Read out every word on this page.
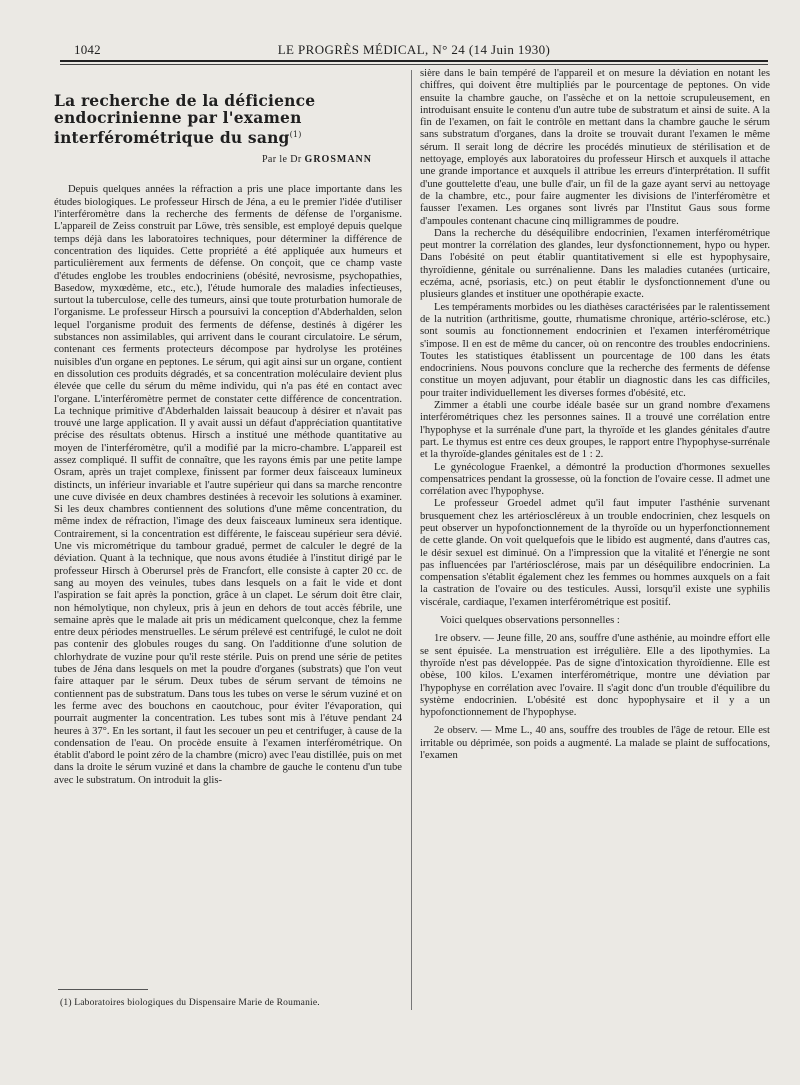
1042	LE PROGRÈS MÉDICAL, N° 24 (14 Juin 1930)
La recherche de la déficience endocrinienne par l'examen interférométrique du sang$^{(1)}$
Par le Dr GROSMANN

Depuis quelques années la réfraction a pris une place importante dans les études biologiques. Le professeur Hirsch de Jéna, a eu le premier l'idée d'utiliser l'interféromètre dans la recherche des ferments de défense de l'organisme. L'appareil de Zeiss construit par Löwe, très sensible, est employé depuis quelque temps déjà dans les laboratoires techniques, pour déterminer la différence de concentration des liquides. Cette propriété a été appliquée aux humeurs et particulièrement aux ferments de défense. On conçoit, que ce champ vaste d'études englobe les troubles endocriniens (obésité, nevrosisme, psychopathies, Basedow, myxœdème, etc., etc.), l'étude humorale des maladies infectieuses, surtout la tuberculose, celle des tumeurs, ainsi que toute proturbation humorale de l'organisme. Le professeur Hirsch a poursuivi la conception d'Abderhalden, selon lequel l'organisme produit des ferments de défense, destinés à digérer les substances non assimilables, qui arrivent dans le courant circulatoire. Le sérum, contenant ces ferments protecteurs décompose par hydrolyse les protéines nuisibles d'un organe en peptones. Le sérum, qui agit ainsi sur un organe, contient en dissolution ces produits dégradés, et sa concentration moléculaire devient plus élevée que celle du sérum du même individu, qui n'a pas été en contact avec l'organe. L'interféromètre permet de constater cette différence de concentration. La technique primitive d'Abderhalden laissait beaucoup à désirer et n'avait pas trouvé une large application. Il y avait aussi un défaut d'appréciation quantitative précise des résultats obtenus. Hirsch a institué une méthode quantitative au moyen de l'interféromètre, qu'il a modifié par la micro-chambre. L'appareil est assez compliqué. Il suffit de connaître, que les rayons émis par une petite lampe Osram, après un trajet complexe, finissent par former deux faisceaux lumineux distincts, un inférieur invariable et l'autre supérieur qui dans sa marche rencontre une cuve divisée en deux chambres destinées à recevoir les solutions à examiner. Si les deux chambres contiennent des solutions d'une même concentration, du même index de réfraction, l'image des deux faisceaux lumineux sera identique. Contrairement, si la concentration est différente, le faisceau supérieur sera dévié. Une vis micrométrique du tambour gradué, permet de calculer le degré de la déviation. Quant à la technique, que nous avons étudiée à l'institut dirigé par le professeur Hirsch à Oberursel près de Francfort, elle consiste à capter 20 cc. de sang au moyen des veinules, tubes dans lesquels on a fait le vide et dont l'aspiration se fait après la ponction, grâce à un clapet. Le sérum doit être clair, non hémolytique, non chyleux, pris à jeun en dehors de tout accès fébrile, une semaine après que le malade ait pris un médicament quelconque, chez la femme entre deux périodes menstruelles. Le sérum prélevé est centrifugé, le culot ne doit pas contenir des globules rouges du sang. On l'additionne d'une solution de chlorhydrate de vuzine pour qu'il reste stérile. Puis on prend une série de petites tubes de Jéna dans lesquels on met la poudre d'organes (substrats) que l'on veut faire attaquer par le sérum. Deux tubes de sérum servant de témoins ne contiennent pas de substratum. Dans tous les tubes on verse le sérum vuziné et on les ferme avec des bouchons en caoutchouc, pour éviter l'évaporation, qui pourrait augmenter la concentration. Les tubes sont mis à l'étuve pendant 24 heures à 37°. En les sortant, il faut les secouer un peu et centrifuger, à cause de la condensation de l'eau. On procède ensuite à l'examen interférométrique. On établit d'abord le point zéro de la chambre (micro) avec l'eau distillée, puis on met dans la droite le sérum vuziné et dans la chambre de gauche le contenu d'un tube avec le substratum. On introduit la glis-

sière dans le bain tempéré de l'appareil et on mesure la déviation en notant les chiffres, qui doivent être multipliés par le pourcentage de peptones. On vide ensuite la chambre gauche, on l'assèche et on la nettoie scrupuleusement, en introduisant ensuite le contenu d'un autre tube de substratum et ainsi de suite. A la fin de l'examen, on fait le contrôle en mettant dans la chambre gauche le sérum sans substratum d'organes, dans la droite se trouvait durant l'examen le même sérum. Il serait long de décrire les procédés minutieux de stérilisation et de nettoyage, employés aux laboratoires du professeur Hirsch et auxquels il attache une grande importance et auxquels il attribue les erreurs d'interprétation. Il suffit d'une gouttelette d'eau, une bulle d'air, un fil de la gaze ayant servi au nettoyage de la chambre, etc., pour faire augmenter les divisions de l'interféromètre et fausser l'examen. Les organes sont livrés par l'Institut Gaus sous forme d'ampoules contenant chacune cinq milligrammes de poudre.

Dans la recherche du déséquilibre endocrinien, l'examen interférométrique peut montrer la corrélation des glandes, leur dysfonctionnement, hypo ou hyper. Dans l'obésité on peut établir quantitativement si elle est hypophysaire, thyroïdienne, génitale ou surrénalienne. Dans les maladies cutanées (urticaire, eczéma, acné, psoriasis, etc.) on peut établir le dysfonctionnement d'une ou plusieurs glandes et instituer une opothérapie exacte.

Les tempéraments morbides ou les diathèses caractérisées par le ralentissement de la nutrition (arthritisme, goutte, rhumatisme chronique, artério-sclérose, etc.) sont soumis au fonctionnement endocrinien et l'examen interférométrique s'impose. Il en est de même du cancer, où on rencontre des troubles endocriniens. Toutes les statistiques établissent un pourcentage de 100 dans les états endocriniens. Nous pouvons conclure que la recherche des ferments de défense constitue un moyen adjuvant, pour établir un diagnostic dans les cas difficiles, pour traiter individuellement les diverses formes d'obésité, etc.

Zimmer a établi une courbe idéale basée sur un grand nombre d'examens interférométriques chez les personnes saines. Il a trouvé une corrélation entre l'hypophyse et la surrénale d'une part, la thyroïde et les glandes génitales d'autre part. Le thymus est entre ces deux groupes, le rapport entre l'hypophyse-surrénale et la thyroïde-glandes génitales est de 1 : 2.

Le gynécologue Fraenkel, a démontré la production d'hormones sexuelles compensatrices pendant la grossesse, où la fonction de l'ovaire cesse. Il admet une corrélation avec l'hypophyse.

Le professeur Groedel admet qu'il faut imputer l'asthénie survenant brusquement chez les artérioscléreux à un trouble endocrinien, chez lesquels on peut observer un hypofonctionnement de la thyroïde ou un hyperfonctionnement de cette glande. On voit quelquefois que le libido est augmenté, dans d'autres cas, le désir sexuel est diminué. On a l'impression que la vitalité et l'énergie ne sont pas influencées par l'artériosclérose, mais par un déséquilibre endocrinien. La compensation s'établit également chez les femmes ou hommes auxquels on a fait la castration de l'ovaire ou des testicules. Aussi, lorsqu'il existe une syphilis viscérale, cardiaque, l'examen interférométrique est positif.

Voici quelques observations personnelles :

1re observ. — Jeune fille, 20 ans, souffre d'une asthénie, au moindre effort elle se sent épuisée. La menstruation est irrégulière. Elle a des lipothymies. La thyroïde n'est pas développée. Pas de signe d'intoxication thyroïdienne. Elle est obèse, 100 kilos. L'examen interférométrique, montre une déviation par l'hypophyse en corrélation avec l'ovaire. Il s'agit donc d'un trouble d'équilibre du système endocrinien. L'obésité est donc hypophysaire et il y a un hypofonctionnement de l'hypophyse.

2e observ. — Mme L., 40 ans, souffre des troubles de l'âge de retour. Elle est irritable ou déprimée, son poids a augmenté. La malade se plaint de suffocations, l'examen

(1) Laboratoires biologiques du Dispensaire Marie de Roumanie.
